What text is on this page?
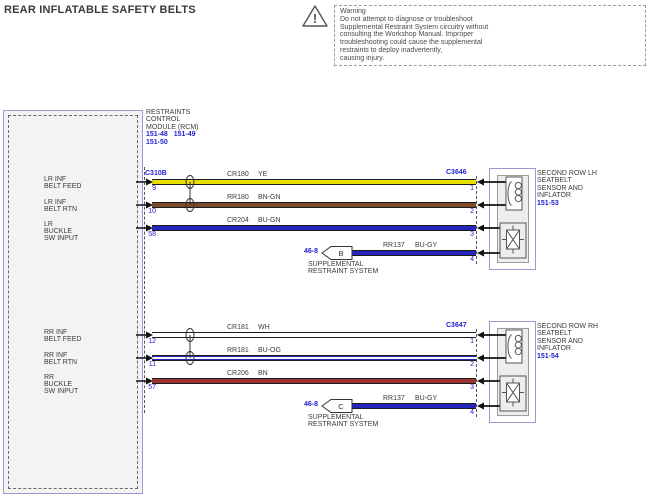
REAR INFLATABLE SAFETY BELTS
!	Warning
Do not attempt to diagnose or troubleshoot
Supplemental Restraint System circuitry without
consulting the Workshop Manual. Improper
troubleshooting could cause the supplemental
restraints to deploy inadvertently,
causing injury.
RESTRAINTS
CONTROL
MODULE (RCM)
151-48 151-49
151-50
C310B
LR INF
BELT FEED
LR INF
BELT RTN
LR
BUCKLE
SW INPUT
9
10
58
CR180 YE
RR180 BN-GN
CR204 BU-GN
RR137 BU-GY
46-8	B
SUPPLEMENTAL
RESTRAINT SYSTEM
C3646
1
2
3
4
SECOND ROW LH
SEATBELT
SENSOR AND
INFLATOR
151-53
RR INF
BELT FEED
RR INF
BELT RTN
RR
BUCKLE
SW INPUT
12
11
57
CR181 WH
RR181 BU-OG
CR206 BN
RR137 BU-GY
46-8	C
SUPPLEMENTAL
RESTRAINT SYSTEM
C3647
1
2
3
4
SECOND ROW RH
SEATBELT
SENSOR AND
INFLATOR
151-54
